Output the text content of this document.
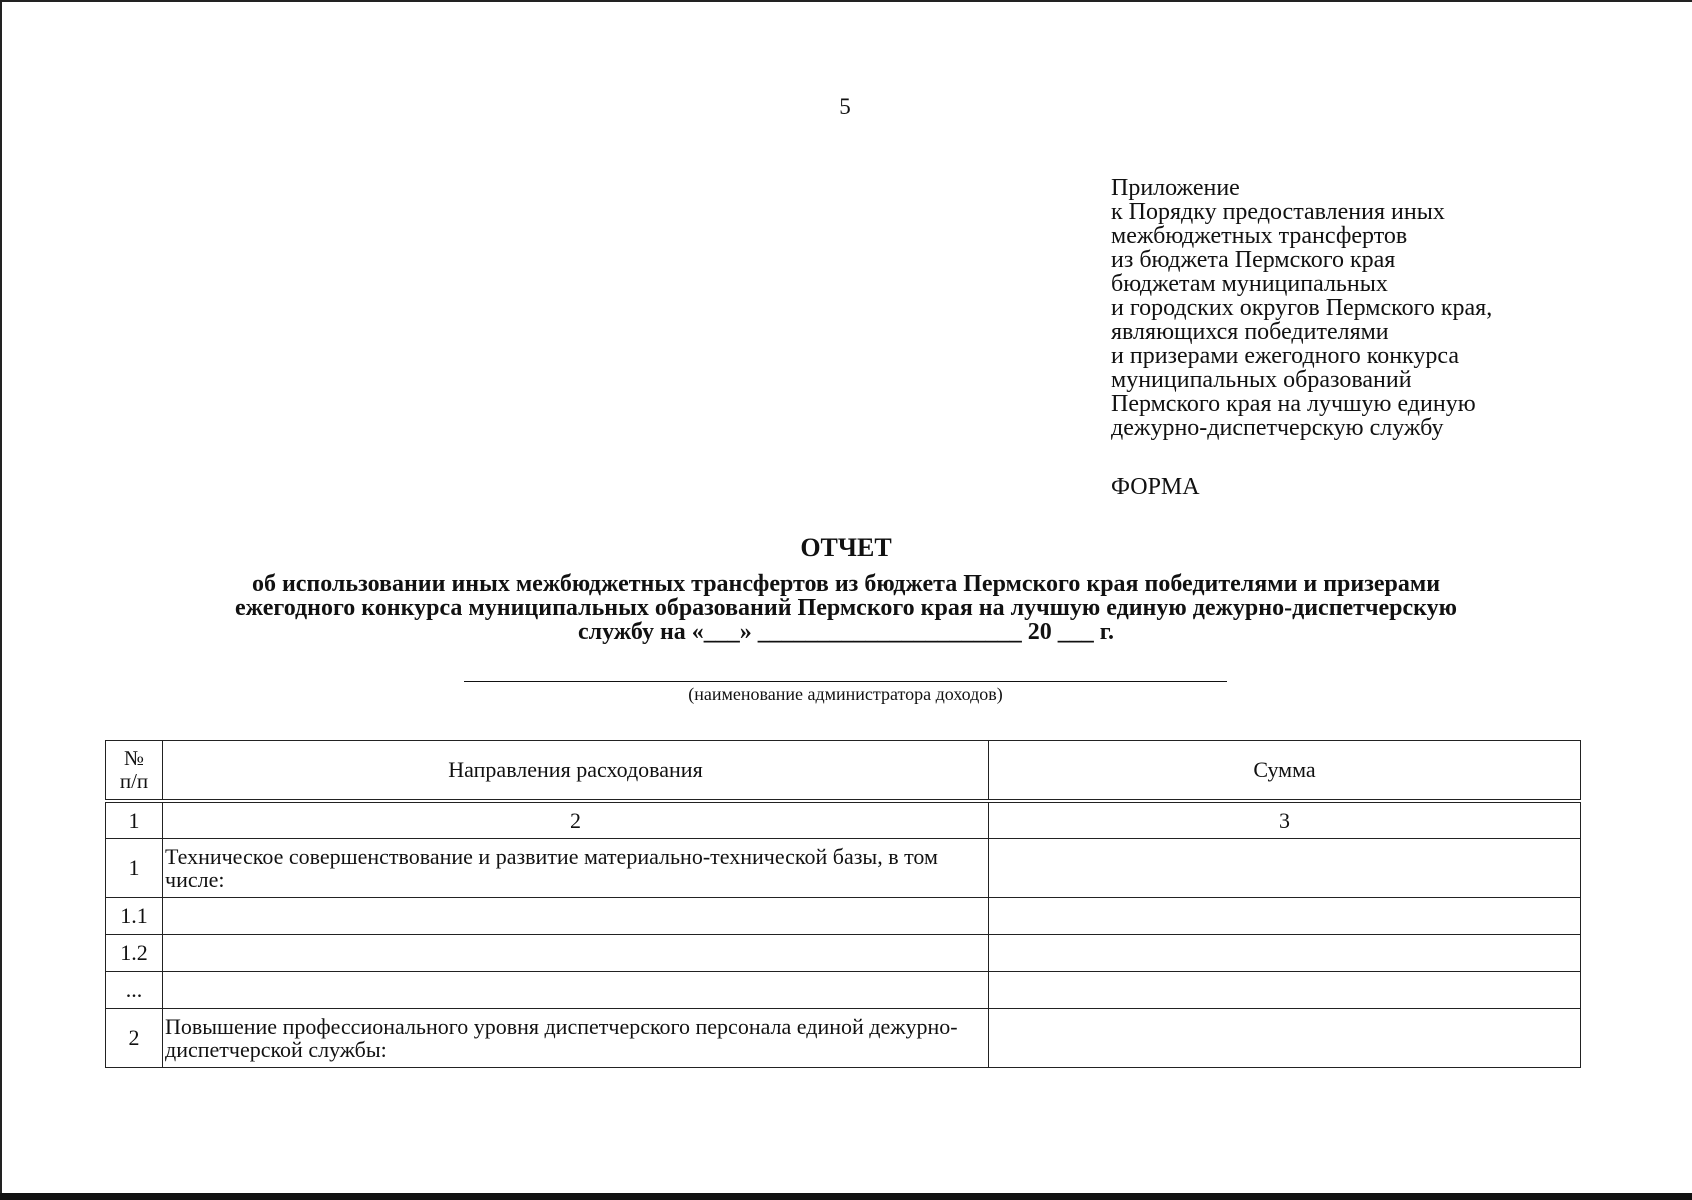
5
Приложение
к Порядку предоставления иных
межбюджетных трансфертов
из бюджета Пермского края
бюджетам муниципальных
и городских округов Пермского края,
являющихся победителями
и призерами ежегодного конкурса
муниципальных образований
Пермского края на лучшую единую
дежурно-диспетчерскую службу
ФОРМА
ОТЧЕТ
об использовании иных межбюджетных трансфертов из бюджета Пермского края победителями и призерами
ежегодного конкурса муниципальных образований Пермского края на лучшую единую дежурно-диспетчерскую
службу на «___» ______________________ 20 ___ г.
(наименование администратора доходов)
№
п/п	Направления расходования	Сумма
1	2	3
1	Техническое совершенствование и развитие материально-технической базы, в том числе:	
1.1		
1.2		
...		
2	Повышение профессионального уровня диспетчерского персонала единой дежурно-диспетчерской службы:	
